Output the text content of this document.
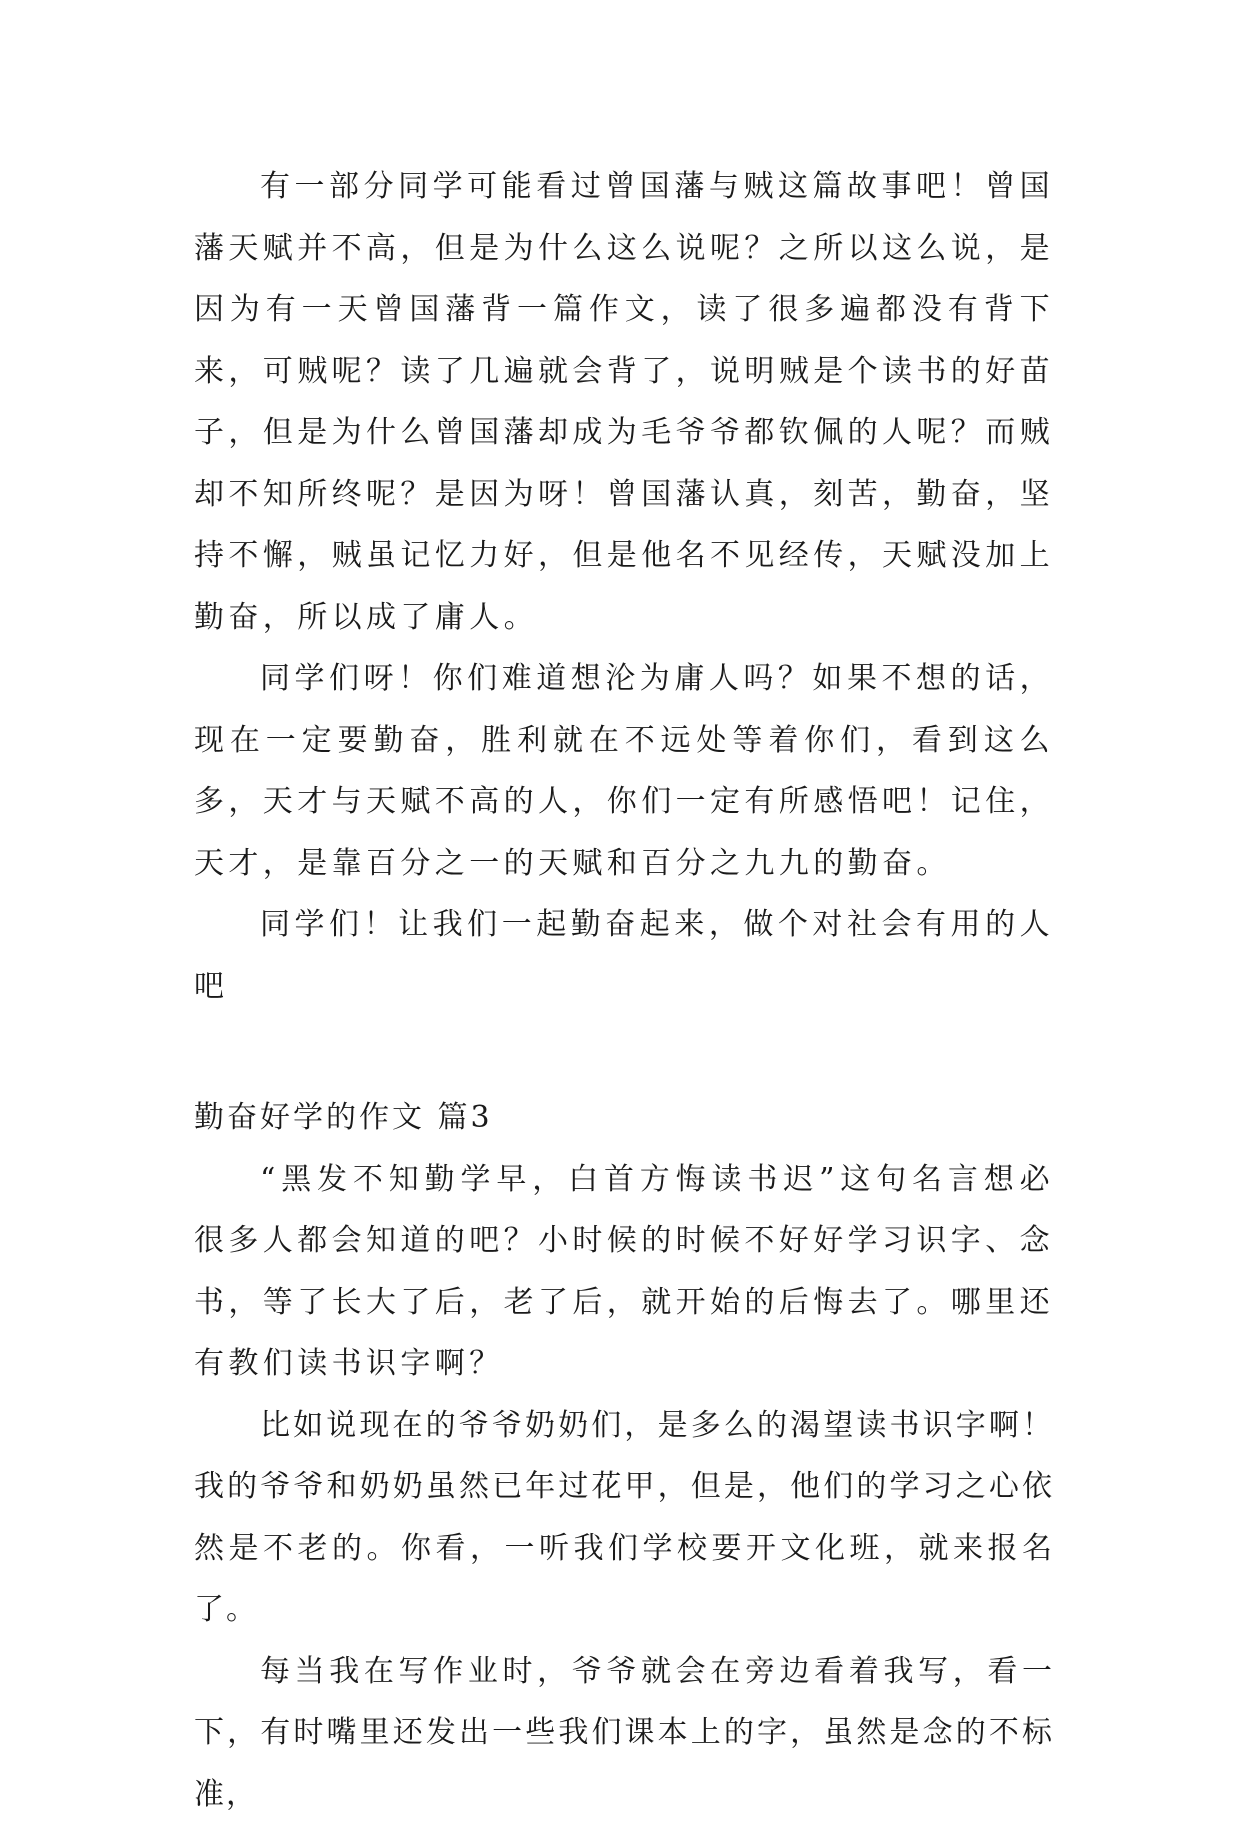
有一部分同学可能看过曾国藩与贼这篇故事吧！曾国藩天赋并不高，但是为什么这么说呢？之所以这么说，是因为有一天曾国藩背一篇作文，读了很多遍都没有背下来，可贼呢？读了几遍就会背了，说明贼是个读书的好苗子，但是为什么曾国藩却成为毛爷爷都钦佩的人呢？而贼却不知所终呢？是因为呀！曾国藩认真，刻苦，勤奋，坚持不懈，贼虽记忆力好，但是他名不见经传，天赋没加上勤奋，所以成了庸人。

同学们呀！你们难道想沦为庸人吗？如果不想的话，现在一定要勤奋，胜利就在不远处等着你们，看到这么多，天才与天赋不高的人，你们一定有所感悟吧！记住，天才，是靠百分之一的天赋和百分之九九的勤奋。

同学们！让我们一起勤奋起来，做个对社会有用的人吧

勤奋好学的作文 篇3

“黑发不知勤学早，白首方悔读书迟”这句名言想必很多人都会知道的吧？小时候的时候不好好学习识字、念书，等了长大了后，老了后，就开始的后悔去了。哪里还有教们读书识字啊？

比如说现在的爷爷奶奶们，是多么的渴望读书识字啊！我的爷爷和奶奶虽然已年过花甲，但是，他们的学习之心依然是不老的。你看，一听我们学校要开文化班，就来报名了。

每当我在写作业时，爷爷就会在旁边看着我写，看一下，有时嘴里还发出一些我们课本上的字，虽然是念的不标准，
